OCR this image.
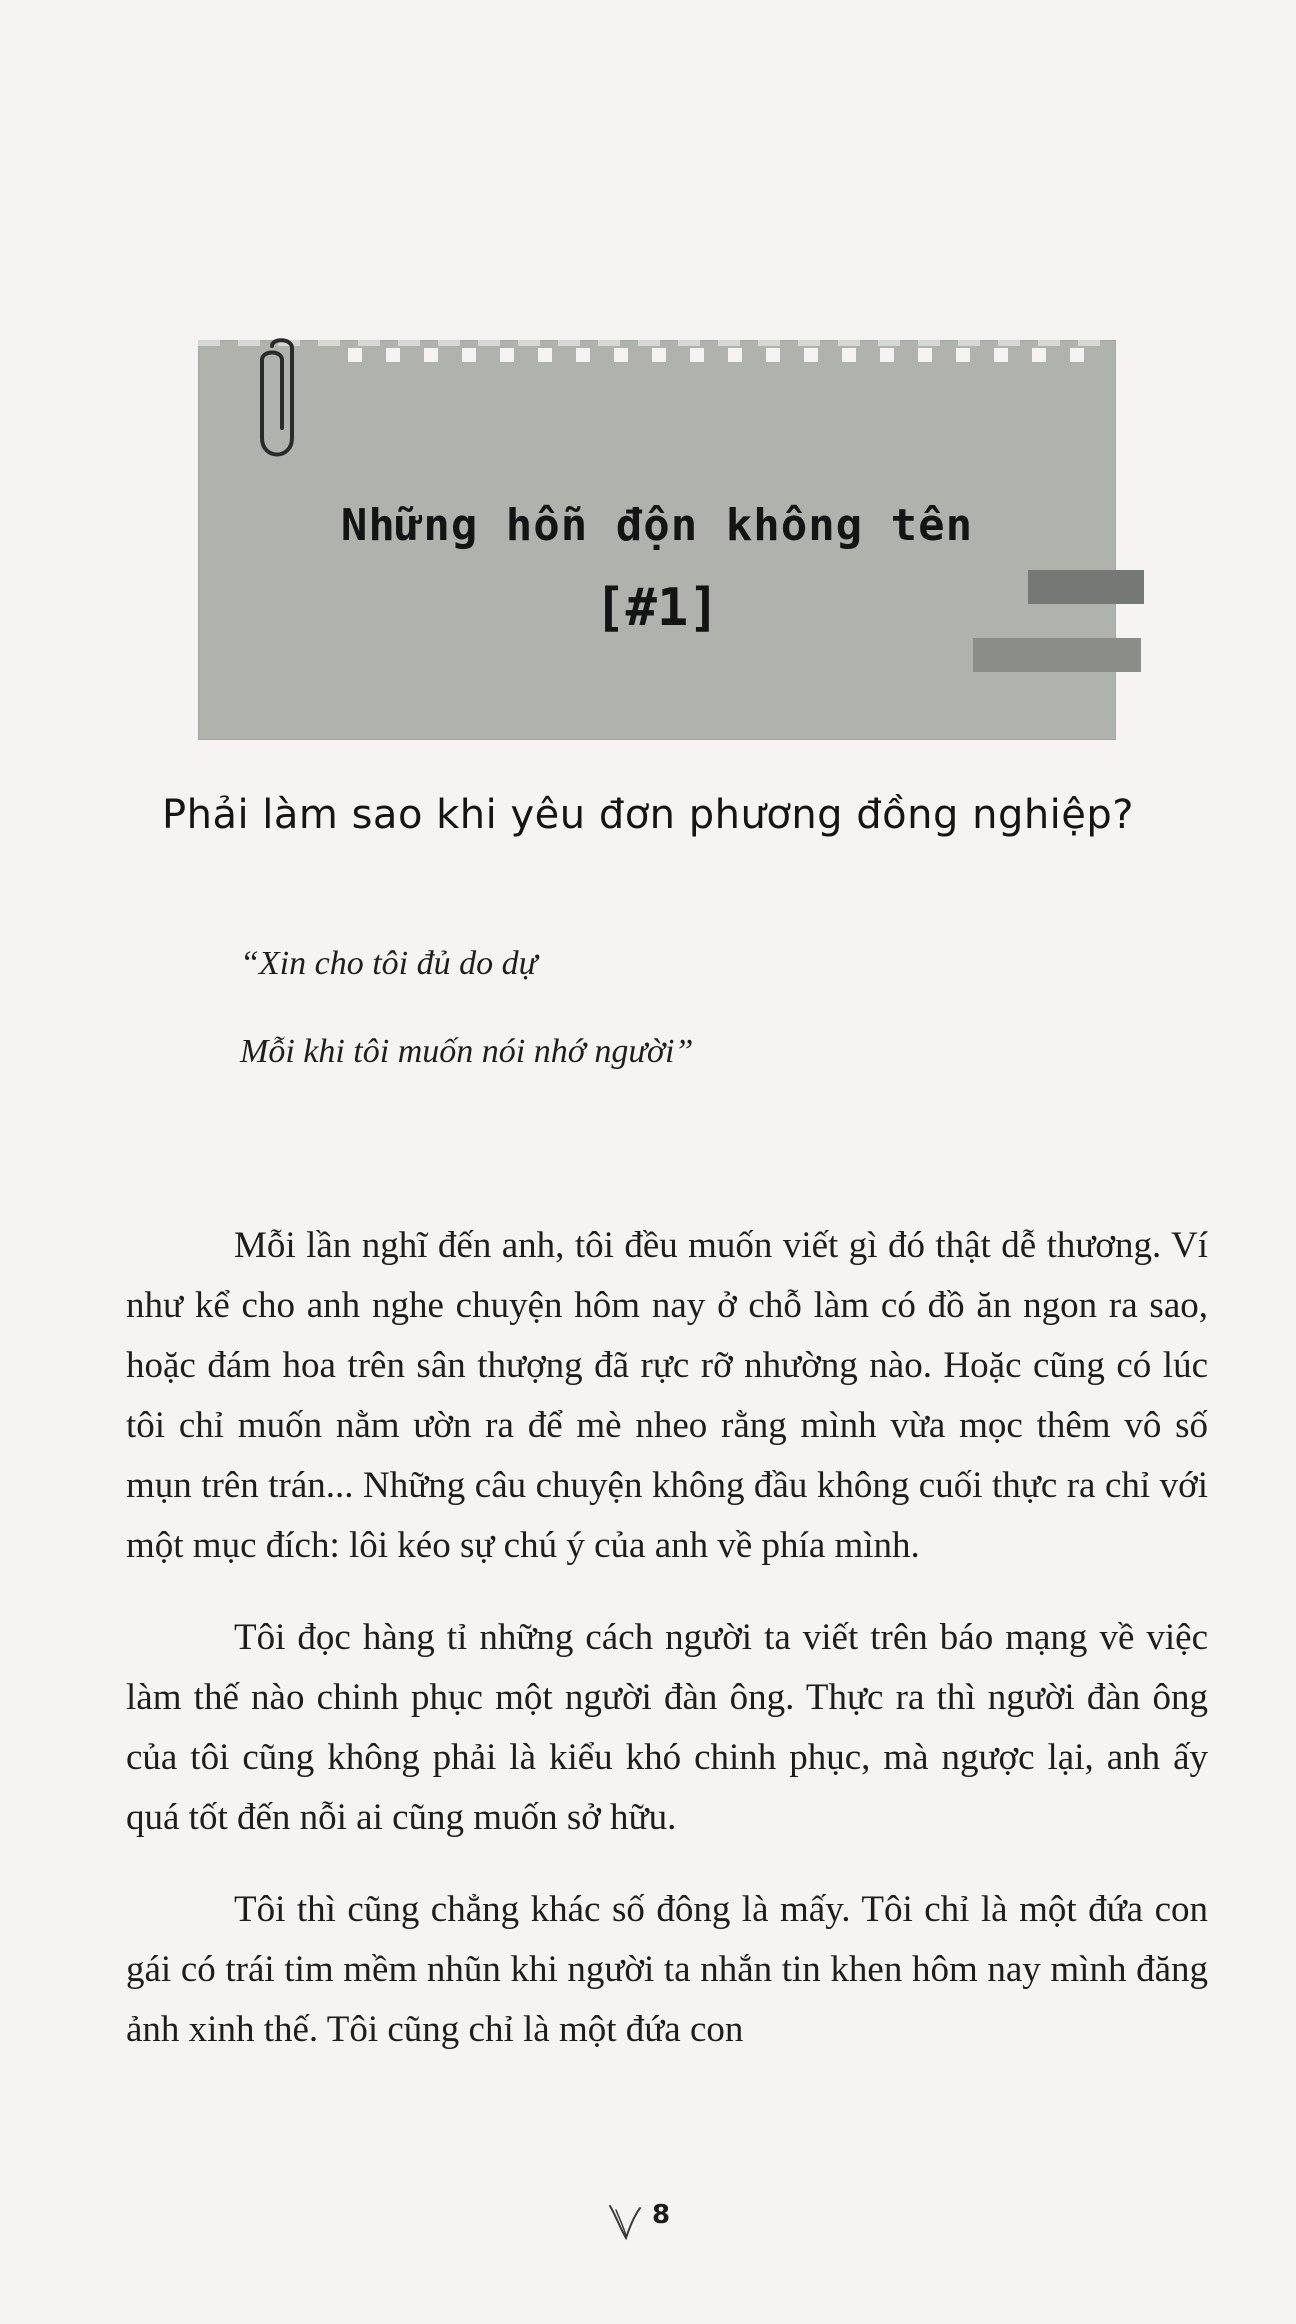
Những hỗn độn không tên
[#1]
Phải làm sao khi yêu đơn phương đồng nghiệp?
“Xin cho tôi đủ do dự
Mỗi khi tôi muốn nói nhớ người”

Mỗi lần nghĩ đến anh, tôi đều muốn viết gì đó thật dễ thương. Ví như kể cho anh nghe chuyện hôm nay ở chỗ làm có đồ ăn ngon ra sao, hoặc đám hoa trên sân thượng đã rực rỡ nhường nào. Hoặc cũng có lúc tôi chỉ muốn nằm ườn ra để mè nheo rằng mình vừa mọc thêm vô số mụn trên trán... Những câu chuyện không đầu không cuối thực ra chỉ với một mục đích: lôi kéo sự chú ý của anh về phía mình.

Tôi đọc hàng tỉ những cách người ta viết trên báo mạng về việc làm thế nào chinh phục một người đàn ông. Thực ra thì người đàn ông của tôi cũng không phải là kiểu khó chinh phục, mà ngược lại, anh ấy quá tốt đến nỗi ai cũng muốn sở hữu.

Tôi thì cũng chẳng khác số đông là mấy. Tôi chỉ là một đứa con gái có trái tim mềm nhũn khi người ta nhắn tin khen hôm nay mình đăng ảnh xinh thế. Tôi cũng chỉ là một đứa con

8
